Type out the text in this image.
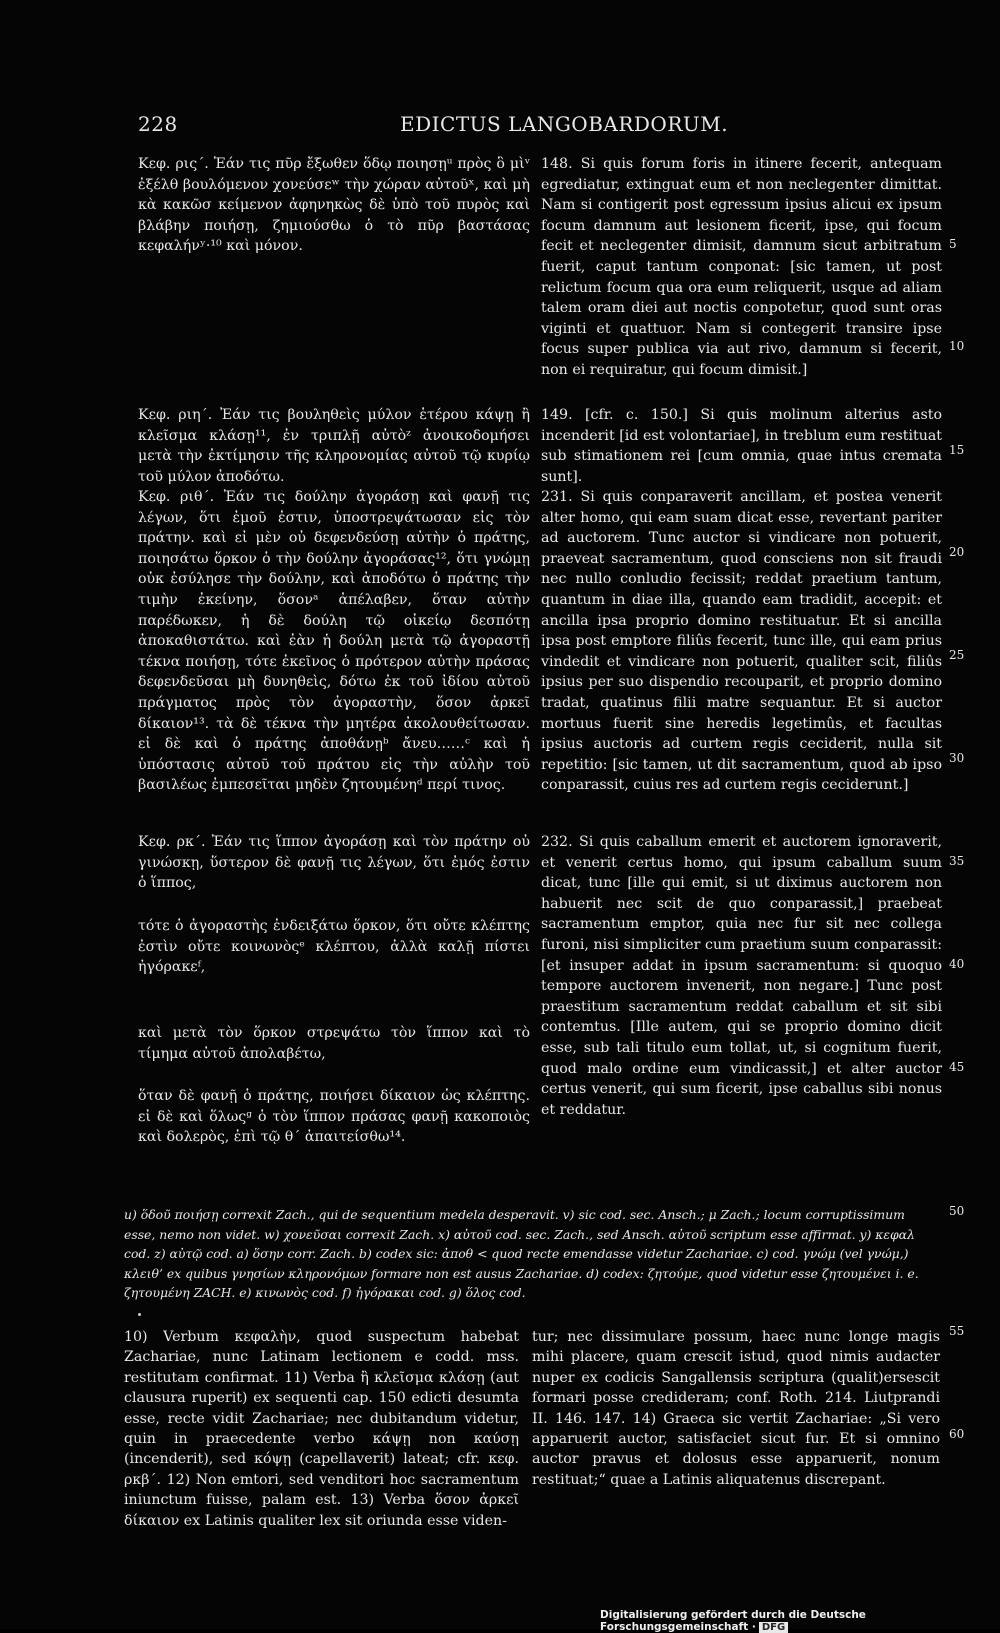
228	EDICTUS LANGOBARDORUM.

Κεφ. ρις΄. Ἐάν τις πῦρ ἔξωθεν ὅδῳ ποιησῃᵘ πρὸς ὃ μὶᵛ ἐξέλθ βουλόμενον χονεύσεʷ τὴν χώραν αὐτοῦˣ, καὶ μὴ κὰ κακῶσ κείμενον ἀφηνηκὼς δὲ ὑπὸ τοῦ πυρὸς καὶ βλάβην ποιήσῃ, ζημιούσθω ὁ τὸ πῦρ βαστάσας κεφαλήνʸ·¹⁰ καὶ μόνον.

Κεφ. ριη΄. Ἐάν τις βουληθεὶς μύλον ἑτέρου κάψῃ ἢ κλεῖσμα κλάσῃ¹¹, ἐν τριπλῇ αὐτὸᶻ ἀνοικοδομήσει μετὰ τὴν ἐκτίμησιν τῆς κληρονομίας αὐτοῦ τῷ κυρίῳ τοῦ μύλον ἀποδότω.

Κεφ. ριθ΄. Ἐάν τις δούλην ἀγοράσῃ καὶ φανῇ τις λέγων, ὅτι ἐμοῦ ἐστιν, ὑποστρεψάτωσαν εἰς τὸν πράτην. καὶ εἰ μὲν οὐ δεφενδεύσῃ αὐτὴν ὁ πράτης, ποιησάτω ὅρκον ὁ τὴν δούλην ἀγοράσας¹², ὅτι γνώμῃ οὐκ ἐσύλησε τὴν δούλην, καὶ ἀποδότω ὁ πράτης τὴν τιμὴν ἐκείνην, ὅσονᵃ ἀπέλαβεν, ὅταν αὐτὴν παρέδωκεν, ἡ δὲ δούλη τῷ οἰκείῳ δεσπότῃ ἀποκαθιστάτω. καὶ ἐὰν ἡ δούλη μετὰ τῷ ἀγοραστῇ τέκνα ποιήσῃ, τότε ἐκεῖνος ὁ πρότερον αὐτὴν πράσας δεφενδεῦσαι μὴ δυνηθεὶς, δότω ἐκ τοῦ ἰδίου αὐτοῦ πράγματος πρὸς τὸν ἀγοραστὴν, ὅσον ἀρκεῖ δίκαιον¹³. τὰ δὲ τέκνα τὴν μητέρα ἀκολουθείτωσαν. εἰ δὲ καὶ ὁ πράτης ἀποθάνῃᵇ ἄνευ……ᶜ καὶ ἡ ὑπόστασις αὐτοῦ τοῦ πράτου εἰς τὴν αὐλὴν τοῦ βασιλέως ἐμπεσεῖται μηδὲν ζητουμένηᵈ περί τινος.

Κεφ. ρκ΄. Ἐάν τις ἵππον ἀγοράσῃ καὶ τὸν πράτην οὐ γινώσκῃ, ὕστερον δὲ φανῇ τις λέγων, ὅτι ἐμός ἐστιν ὁ ἵππος,

τότε ὁ ἀγοραστὴς ἐνδειξάτω ὅρκον, ὅτι οὔτε κλέπτης ἐστὶν οὔτε κοινωνὸςᵉ κλέπτου, ἀλλὰ καλῇ πίστει ἠγόρακεᶠ,

καὶ μετὰ τὸν ὅρκον στρεψάτω τὸν ἵππον καὶ τὸ τίμημα αὐτοῦ ἀπολαβέτω,

ὅταν δὲ φανῇ ὁ πράτης, ποιήσει δίκαιον ὡς κλέπτης. εἰ δὲ καὶ ὅλωςᵍ ὁ τὸν ἵππον πράσας φανῇ κακοποιὸς καὶ δολερὸς, ἐπὶ τῷ θ΄ ἀπαιτείσθω¹⁴.

148. Si quis forum foris in itinere fecerit, antequam egrediatur, extinguat eum et non neclegenter dimittat. Nam si contigerit post egressum ipsius alicui ex ipsum focum damnum aut lesionem ficerit, ipse, qui focum fecit et neclegenter dimisit, damnum sicut arbitratum fuerit, caput tantum conponat: [sic tamen, ut post relictum focum qua ora eum reliquerit, usque ad aliam talem oram diei aut noctis conpotetur, quod sunt oras viginti et quattuor. Nam si contegerit transire ipse focus super publica via aut rivo, damnum si fecerit, non ei requiratur, qui focum dimisit.]

149. [cfr. c. 150.] Si quis molinum alterius asto incenderit [id est volontariae], in treblum eum restituat sub stimationem rei [cum omnia, quae intus cremata sunt].

231. Si quis conparaverit ancillam, et postea venerit alter homo, qui eam suam dicat esse, revertant pariter ad auctorem. Tunc auctor si vindicare non potuerit, praeveat sacramentum, quod consciens non sit fraudi nec nullo conludio fecissit; reddat praetium tantum, quantum in diae illa, quando eam tradidit, accepit: et ancilla ipsa proprio domino restituatur. Et si ancilla ipsa post emptore filiûs fecerit, tunc ille, qui eam prius vindedit et vindicare non potuerit, qualiter scit, filiûs ipsius per suo dispendio recouparit, et proprio domino tradat, quatinus filii matre sequantur. Et si auctor mortuus fuerit sine heredis legetimûs, et facultas ipsius auctoris ad curtem regis ceciderit, nulla sit repetitio: [sic tamen, ut dit sacramentum, quod ab ipso conparassit, cuius res ad curtem regis ceciderunt.]

232. Si quis caballum emerit et auctorem ignoraverit, et venerit certus homo, qui ipsum caballum suum dicat, tunc [ille qui emit, si ut diximus auctorem non habuerit nec scit de quo conparassit,] praebeat sacramentum emptor, quia nec fur sit nec collega furoni, nisi simpliciter cum praetium suum conparassit: [et insuper addat in ipsum sacramentum: si quoquo tempore auctorem invenerit, non negare.] Tunc post praestitum sacramentum reddat caballum et sit sibi contemtus. [Ille autem, qui se proprio domino dicit esse, sub tali titulo eum tollat, ut, si cognitum fuerit, quod malo ordine eum vindicassit,] et alter auctor certus venerit, qui sum ficerit, ipse caballus sibi nonus et reddatur.

5
10
15
20
25
30
35
40
45
50
55
60

u) ὅδοῦ ποιήσῃ correxit Zach., qui de sequentium medela desperavit. v) sic cod. sec. Ansch.; μ Zach.; locum corruptissimum esse, nemo non videt. w) χονεῦσαι correxit Zach. x) αὐτοῦ cod. sec. Zach., sed Ansch. αὐτοῦ scriptum esse affirmat. y) κεφαλ cod. z) αὐτῷ cod. a) ὅσην corr. Zach. b) codex sic: ἀποθ < quod recte emendasse videtur Zachariae. c) cod. γνώμ (vel γνώμ,) κλειθ’ ex quibus γνησίων κληρονόμων formare non est ausus Zachariae. d) codex: ζητούμε, quod videtur esse ζητουμένει i. e. ζητουμένη ZACH. e) κινωνὸς cod. f) ἠγόρακαι cod. g) ὅλος cod.

10) Verbum κεφαλὴν, quod suspectum habebat Zachariae, nunc Latinam lectionem e codd. mss. restitutam confirmat. 11) Verba ἢ κλεῖσμα κλάσῃ (aut clausura ruperit) ex sequenti cap. 150 edicti desumta esse, recte vidit Zachariae; nec dubitandum videtur, quin in praecedente verbo κάψῃ non καύσῃ (incenderit), sed κόψῃ (capellaverit) lateat; cfr. κεφ. ρκβ΄. 12) Non emtori, sed venditori hoc sacramentum iniunctum fuisse, palam est. 13) Verba ὅσον ἀρκεῖ δίκαιον ex Latinis qualiter lex sit oriunda esse viden-

tur; nec dissimulare possum, haec nunc longe magis mihi placere, quam crescit istud, quod nimis audacter nuper ex codicis Sangallensis scriptura (qualit)ersescit formari posse credideram; conf. Roth. 214. Liutprandi II. 146. 147. 14) Graeca sic vertit Zachariae: „Si vero apparuerit auctor, satisfaciet sicut fur. Et si omnino auctor pravus et dolosus esse apparuerit, nonum restituat;“ quae a Latinis aliquatenus discrepant.

Digitalisierung gefördert durch die Deutsche Forschungsgemeinschaft · DFG
